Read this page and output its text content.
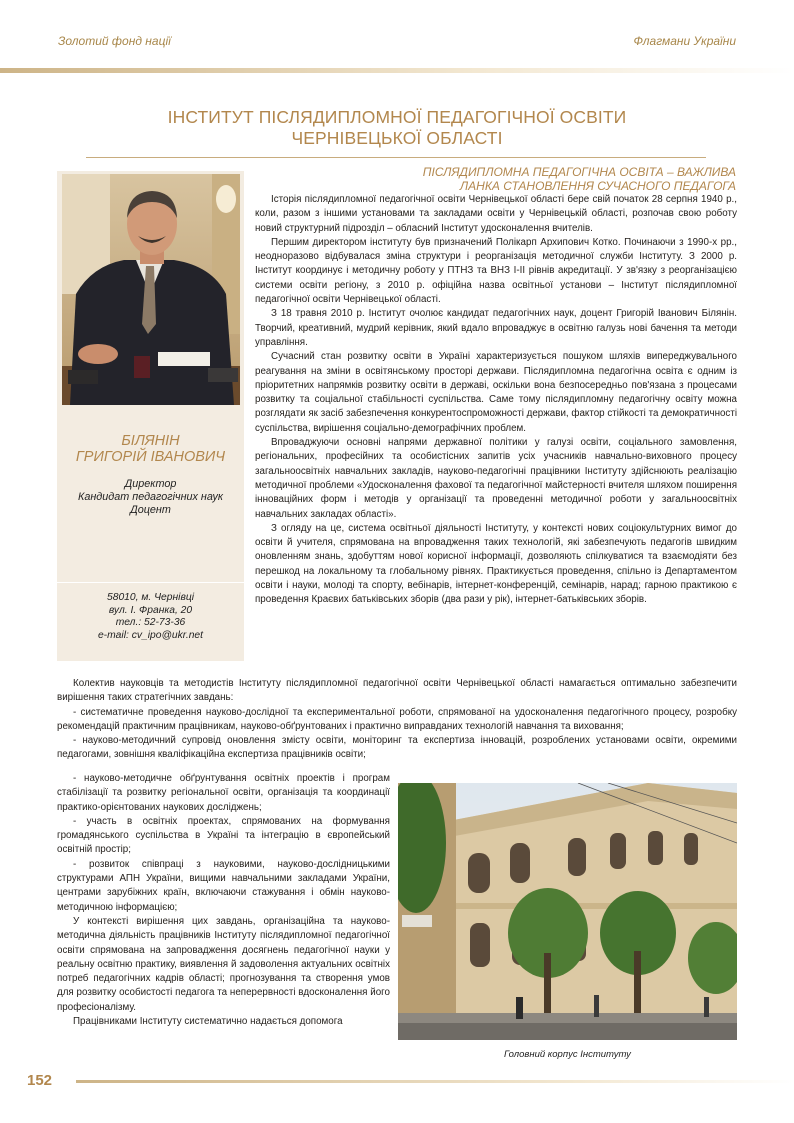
Золотий фонд нації	Флагмани України
ІНСТИТУТ ПІСЛЯДИПЛОМНОЇ ПЕДАГОГІЧНОЇ ОСВІТИ
ЧЕРНІВЕЦЬКОЇ ОБЛАСТІ
БІЛЯНІН
ГРИГОРІЙ ІВАНОВИЧ
Директор
Кандидат педагогічних наук
Доцент
58010, м. Чернівці
вул. І. Франка, 20
тел.: 52-73-36
e-mail: cv_ipo@ukr.net
ПІСЛЯДИПЛОМНА ПЕДАГОГІЧНА ОСВІТА – ВАЖЛИВА
ЛАНКА СТАНОВЛЕННЯ СУЧАСНОГО ПЕДАГОГА

Історія післядипломної педагогічної освіти Чернівецької області бере свій початок 28 серпня 1940 р., коли, разом з іншими установами та закладами освіти у Чернівецькій області, розпочав свою роботу новий структурний підрозділ – обласний Інститут удосконалення вчителів.

Першим директором інституту був призначений Полікарп Архипович Котко. Починаючи з 1990-х рр., неодноразово відбувалася зміна структури і реорганізація методичної служби Інституту. З 2000 р. Інститут координує і методичну роботу у ПТНЗ та ВНЗ І-ІІ рівнів акредитації. У зв'язку з реорганізацією системи освіти регіону, з 2010 р. офіційна назва освітньої установи – Інститут післядипломної педагогічної освіти Чернівецької області.

З 18 травня 2010 р. Інститут очолює кандидат педагогічних наук, доцент Григорій Іванович Білянін. Творчий, креативний, мудрий керівник, який вдало впроваджує в освітню галузь нові бачення та методи управління.

Сучасний стан розвитку освіти в Україні характеризується пошуком шляхів випереджувального реагування на зміни в освітянському просторі держави. Післядипломна педагогічна освіта є одним із пріоритетних напрямків розвитку освіти в державі, оскільки вона безпосередньо пов'язана з процесами розвитку та соціальної стабільності суспільства. Саме тому післядипломну педагогічну освіту можна розглядати як засіб забезпечення конкурентоспроможності держави, фактор стійкості та демократичності суспільства, вирішення соціально-демографічних проблем.

Впроваджуючи основні напрями державної політики у галузі освіти, соціального замовлення, регіональних, професійних та особистісних запитів усіх учасників навчально-виховного процесу загальноосвітніх навчальних закладів, науково-педагогічні працівники Інституту здійснюють реалізацію методичної проблеми «Удосконалення фахової та педагогічної майстерності вчителя шляхом поширення інноваційних форм і методів у організації та проведенні методичної роботи у загальноосвітніх навчальних закладах області».

З огляду на це, система освітньої діяльності Інституту, у контексті нових соціокультурних вимог до освіти й учителя, спрямована на впровадження таких технологій, які забезпечують педагогів швидким оновленням знань, здобуттям нової корисної інформації, дозволяють спілкуватися та взаємодіяти без перешкод на локальному та глобальному рівнях. Практикується проведення, спільно із Департаментом освіти і науки, молоді та спорту, вебінарів, інтернет-конференцій, семінарів, нарад; гарною практикою є проведення Краєвих батьківських зборів (два рази у рік), інтернет-батьківських зборів.

Колектив науковців та методистів Інституту післядипломної педагогічної освіти Чернівецької області намагається оптимально забезпечити вирішення таких стратегічних завдань:

- систематичне проведення науково-дослідної та експериментальної роботи, спрямованої на удосконалення педагогічного процесу, розробку рекомендацій практичним працівникам, науково-обґрунтованих і практично виправданих технологій навчання та виховання;

- науково-методичний супровід оновлення змісту освіти, моніторинг та експертиза інновацій, розроблених установами освіти, окремими педагогами, зовнішня кваліфікаційна експертиза працівників освіти;

- науково-методичне обґрунтування освітніх проектів і програм стабілізації та розвитку регіональної освіти, організація та координації практико-орієнтованих наукових досліджень;

- участь в освітніх проектах, спрямованих на формування громадянського суспільства в Україні та інтеграцію в європейський освітній простір;

- розвиток співпраці з науковими, науково-дослідницькими структурами АПН України, вищими навчальними закладами України, центрами зарубіжних країн, включаючи стажування і обмін науково-методичною інформацією;

У контексті вирішення цих завдань, організаційна та науково-методична діяльність працівників Інституту післядипломної педагогічної освіти спрямована на запровадження досягнень педагогічної науки у реальну освітню практику, виявлення й задоволення актуальних освітніх потреб педагогічних кадрів області; прогнозування та створення умов для розвитку особистості педагога та неперервності вдосконалення його професіоналізму.

Працівниками Інституту систематично надається допомога

Головний корпус Інституту
152
